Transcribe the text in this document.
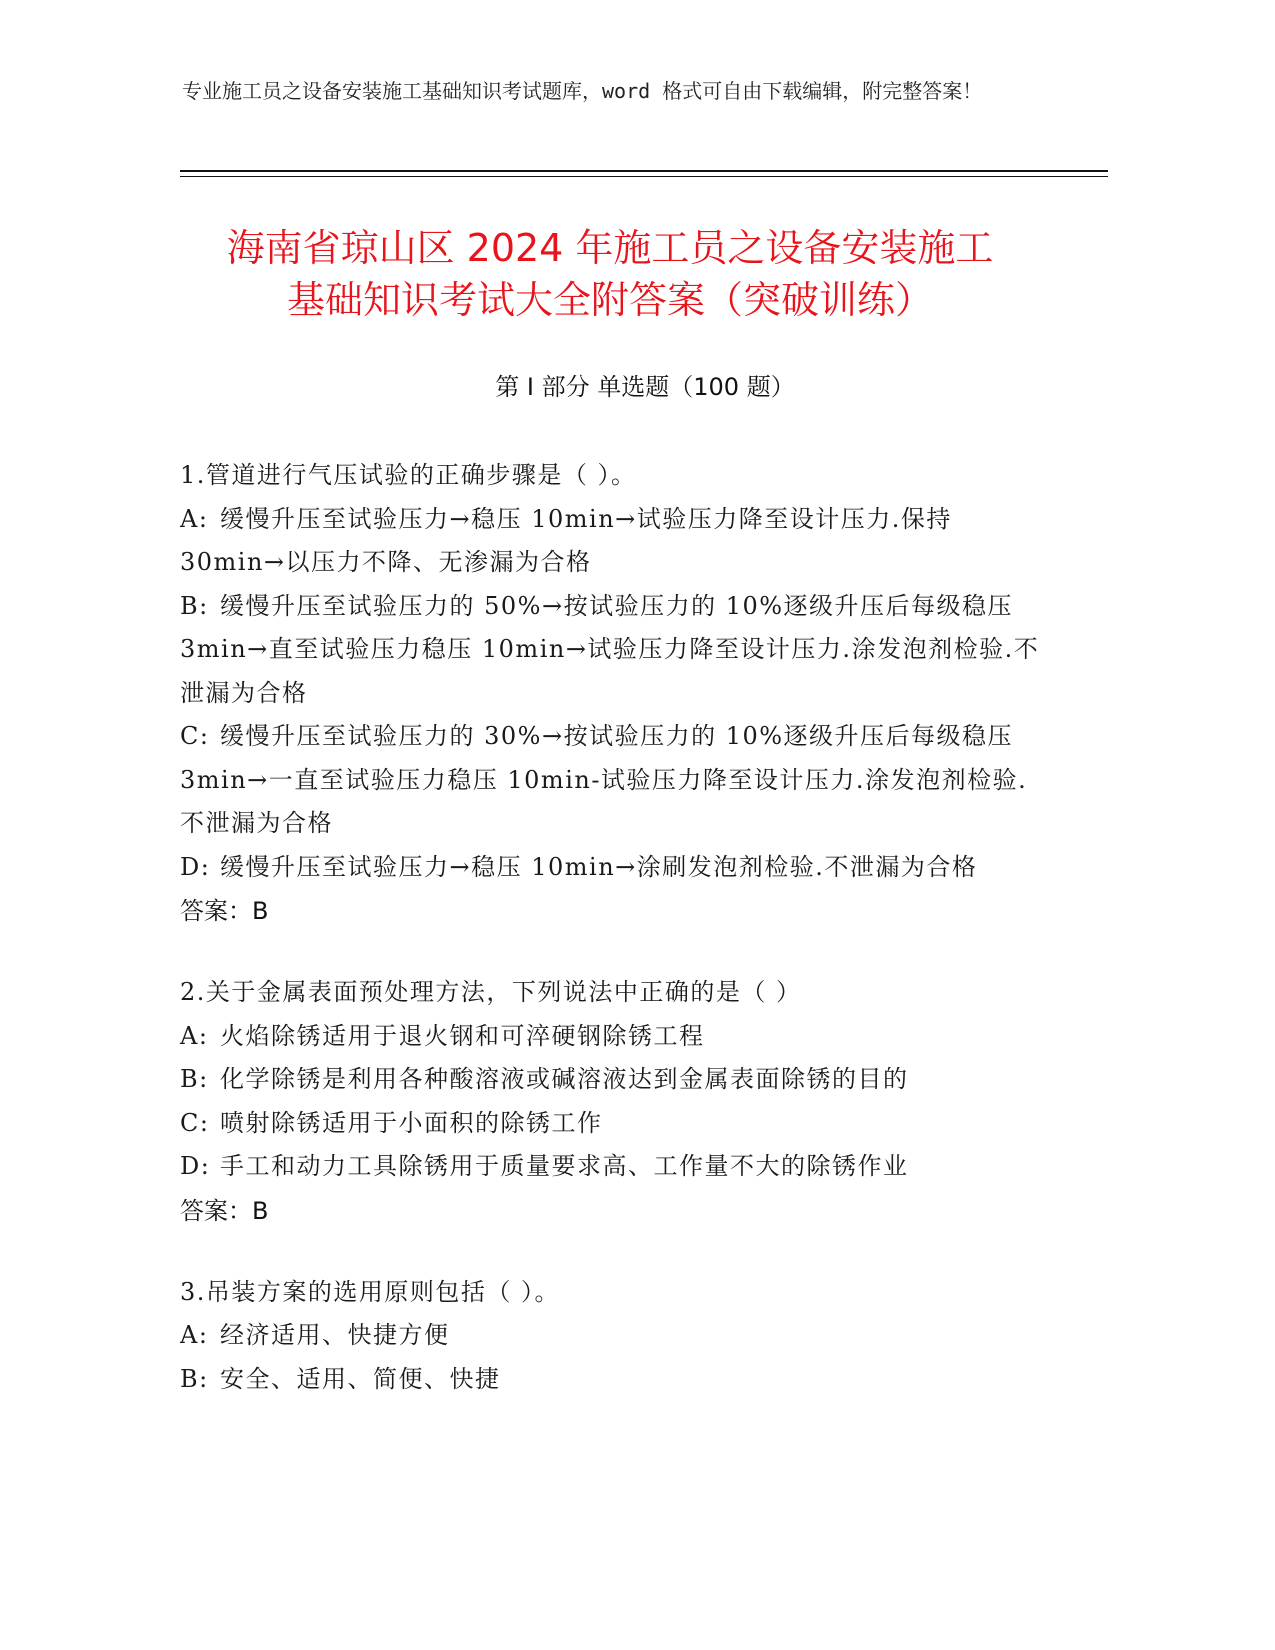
专业施工员之设备安装施工基础知识考试题库，word 格式可自由下载编辑，附完整答案！
海南省琼山区 2024 年施工员之设备安装施工
基础知识考试大全附答案（突破训练）
第 I 部分 单选题（100 题）
1.管道进行气压试验的正确步骤是（ ）。
A: 缓慢升压至试验压力→稳压 10min→试验压力降至设计压力.保持30min→以压力不降、无渗漏为合格
B: 缓慢升压至试验压力的 50%→按试验压力的 10%逐级升压后每级稳压 3min→直至试验压力稳压 10min→试验压力降至设计压力.涂发泡剂检验.不泄漏为合格
C: 缓慢升压至试验压力的 30%→按试验压力的 10%逐级升压后每级稳压 3min→一直至试验压力稳压 10min-试验压力降至设计压力.涂发泡剂检验.不泄漏为合格
D: 缓慢升压至试验压力→稳压 10min→涂刷发泡剂检验.不泄漏为合格
答案：B
2.关于金属表面预处理方法，下列说法中正确的是（ ）
A: 火焰除锈适用于退火钢和可淬硬钢除锈工程
B: 化学除锈是利用各种酸溶液或碱溶液达到金属表面除锈的目的
C: 喷射除锈适用于小面积的除锈工作
D: 手工和动力工具除锈用于质量要求高、工作量不大的除锈作业
答案：B
3.吊装方案的选用原则包括（ ）。
A: 经济适用、快捷方便
B: 安全、适用、简便、快捷
